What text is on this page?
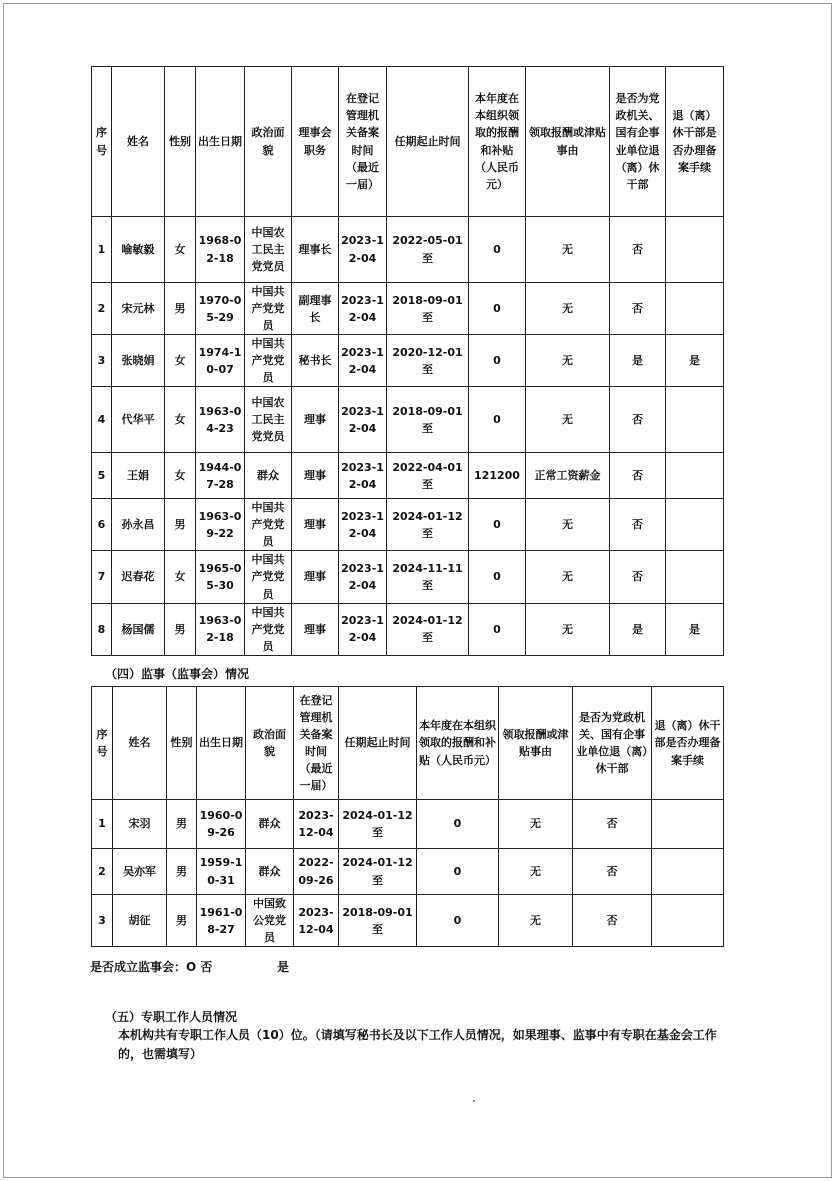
序号	姓名	性别	出生日期	政治面貌	理事会职务	在登记管理机关备案时间（最近一届）	任期起止时间	本年度在本组织领取的报酬和补贴（人民币元）	领取报酬或津贴事由	是否为党政机关、国有企事业单位退（离）休干部	退（离）休干部是否办理备案手续
1	喻敏毅	女	1968-02-18	中国农工民主党党员	理事长	2023-12-04	2022-05-01 至	0	无	否	
2	宋元林	男	1970-05-29	中国共产党党员	副理事长	2023-12-04	2018-09-01 至	0	无	否	
3	张晓娟	女	1974-10-07	中国共产党党员	秘书长	2023-12-04	2020-12-01 至	0	无	是	是
4	代华平	女	1963-04-23	中国农工民主党党员	理事	2023-12-04	2018-09-01 至	0	无	否	
5	王娟	女	1944-07-28	群众	理事	2023-12-04	2022-04-01 至	121200	正常工资薪金	否	
6	孙永昌	男	1963-09-22	中国共产党党员	理事	2023-12-04	2024-01-12 至	0	无	否	
7	迟春花	女	1965-05-30	中国共产党党员	理事	2023-12-04	2024-11-11 至	0	无	否	
8	杨国儒	男	1963-02-18	中国共产党党员	理事	2023-12-04	2024-01-12 至	0	无	是	是
（四）监事（监事会）情况
序号	姓名	性别	出生日期	政治面貌	在登记管理机关备案时间（最近一届）	任期起止时间	本年度在本组织领取的报酬和补贴（人民币元）	领取报酬或津贴事由	是否为党政机关、国有企事业单位退（离）休干部	退（离）休干部是否办理备案手续
1	宋羽	男	1960-09-26	群众	2023-12-04	2024-01-12 至	0	无	否	
2	吴亦军	男	1959-10-31	群众	2022-09-26	2024-01-12 至	0	无	否	
3	胡征	男	1961-08-27	中国致公党党员	2023-12-04	2018-09-01 至	0	无	否	
是否成立监事会：O 否	是
（五）专职工作人员情况
本机构共有专职工作人员（10）位。（请填写秘书长及以下工作人员情况，如果理事、监事中有专职在基金会工作的，也需填写）
